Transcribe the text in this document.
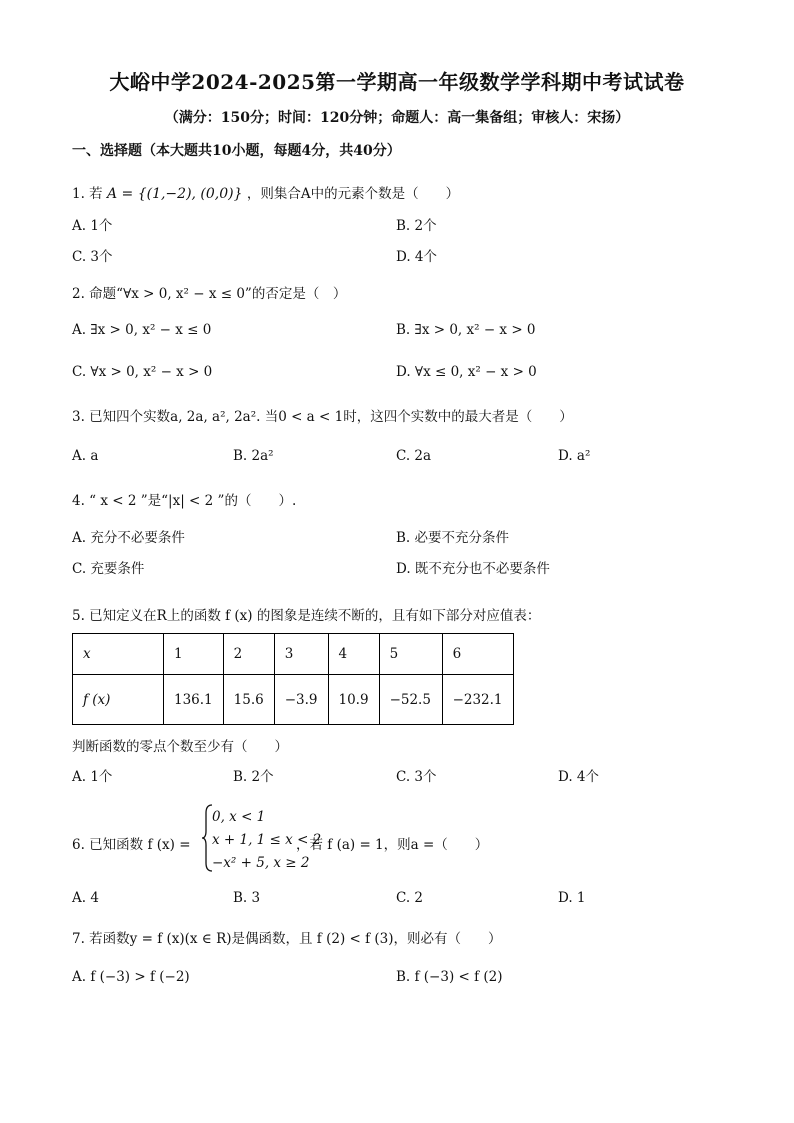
大峪中学2024-2025第一学期高一年级数学学科期中考试试卷
（满分：150分；时间：120分钟；命题人：高一集备组；审核人：宋扬）
一、选择题（本大题共10小题，每题4分，共40分）
1. 若 A = {(1,−2), (0,0)} ，则集合A中的元素个数是（　　）
A. 1个	B. 2个
C. 3个	D. 4个
2. 命题“∀x > 0, x² − x ≤ 0”的否定是（　）
A. ∃x > 0, x² − x ≤ 0	B. ∃x > 0, x² − x > 0
C. ∀x > 0, x² − x > 0	D. ∀x ≤ 0, x² − x > 0
3. 已知四个实数a, 2a, a², 2a². 当0 < a < 1时，这四个实数中的最大者是（　　）
A. a	B. 2a²	C. 2a	D. a²
4. “ x < 2 ”是“|x| < 2 ”的（　　）.
A. 充分不必要条件	B. 必要不充分条件
C. 充要条件	D. 既不充分也不必要条件
5. 已知定义在R上的函数 f (x) 的图象是连续不断的，且有如下部分对应值表：
x	1	2	3	4	5	6
f (x)	136.1	15.6	−3.9	10.9	−52.5	−232.1
判断函数的零点个数至少有（　　）
A. 1个	B. 2个	C. 3个	D. 4个
6. 已知函数 f (x) =
0, x < 1
x + 1, 1 ≤ x < 2
−x² + 5, x ≥ 2
，若 f (a) = 1，则a =（　　）
A. 4	B. 3	C. 2	D. 1
7. 若函数y = f (x)(x ∈ R)是偶函数，且 f (2) < f (3)，则必有（　　）
A. f (−3) > f (−2)	B. f (−3) < f (2)
